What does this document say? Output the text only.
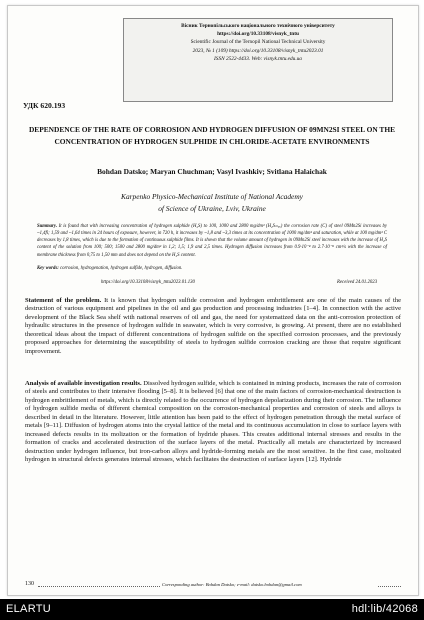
Вісник Тернопільського національного технічного університету
https://doi.org/10.33108/visnyk_tntu
Scientific Journal of the Ternopil National Technical University
2023, № 1 (109) https://doi.org/10.33108/visnyk_tntu2023.01
ISSN 2522-4433. Web: visnyk.tntu.edu.ua
УДК 620.193
DEPENDENCE OF THE RATE OF CORROSION AND HYDROGEN DIFFUSION OF 09MN2SI STEEL ON THE CONCENTRATION OF HYDROGEN SULPHIDE IN CHLORIDE-ACETATE ENVIRONMENTS
Bohdan Datsko; Maryan Chuchman; Vasyl Ivashkiv; Svitlana Halaichak
Karpenko Physico-Mechanical Institute of National Academy
of Science of Ukraine, Lviv, Ukraine
Summary. It is found that with increasing concentration of hydrogen sulphide (H₂S) to 100, 1000 and 2800 mg/dm³ (H₂Sₘₐₓ) the corrosion rate (C) of steel 09Mn2Si increases by ~1,4fi; 1,59 and ~1,64 times in 24 hours of exposure, however, in 720 h, it increases by ~1,8 and ~3,3 times at its concentration of 1000 mg/dm³ and saturation, while at 100 mg/dm³ C decreases by 1,8 times, which is due to the formation of continuous sulphide films. It is shown that the volume amount of hydrogen in 09Mn2Si steel increases with the increase of H₂S content of the solution from 100; 500; 1500 and 2800 mg/dm³ in 1,2; 1,5; 1,9 and 2,5 times. Hydrogen diffusion increases from 0.9·10⁻⁸ to 2.7·10⁻⁸ cm²/s with the increase of membrane thickness from 0,75 to 1,50 mm and does not depend on the H₂S content.
Key words: corrosion, hydrogenation, hydrogen sulfide, hydrogen, diffusion.
https://doi.org/10.33108/visnyk_tntu2023.01.130	Received 24.01.2023
Statement of the problem. It is known that hydrogen sulfide corrosion and hydrogen embrittlement are one of the main causes of the destruction of various equipment and pipelines in the oil and gas production and processing industries [1–4]. In connection with the active development of the Black Sea shelf with national reserves of oil and gas, the need for systematized data on the anti-corrosion protection of hydraulic structures in the presence of hydrogen sulfide in seawater, which is very corrosive, is growing. At present, there are no established theoretical ideas about the impact of different concentrations of hydrogen sulfide on the specified corrosion processes, and the previously proposed approaches for determining the susceptibility of steels to hydrogen sulfide corrosion cracking are those that require significant improvement.
Analysis of available investigation results. Dissolved hydrogen sulfide, which is contained in mining products, increases the rate of corrosion of steels and contributes to their intensive flooding [5–8]. It is believed [6] that one of the main factors of corrosion-mechanical destruction is hydrogen embrittlement of metals, which is directly related to the occurrence of hydrogen depolarization during their corrosion. The influence of hydrogen sulfide media of different chemical composition on the corrosion-mechanical properties and corrosion of steels and alloys is described in detail in the literature. However, little attention has been paid to the effect of hydrogen penetration through the metal surface of metals [9–11]. Diffusion of hydrogen atoms into the crystal lattice of the metal and its continuous accumulation in close to surface layers with increased defects results in its molization or the formation of hydride phases. This creates additional internal stresses and results in the formation of cracks and accelerated destruction of the surface layers of the metal. Practically all metals are characterized by increased destruction under hydrogen influence, but iron-carbon alloys and hydride-forming metals are the most sensitive. In the first case, molizated hydrogen in structural defects generates internal stresses, which facilitates the destruction of surface layers [12]. Hydride
130	Corresponding author: Bohdan Datsko; e-mail: datsko.bohdan@gmail.com
ELARTU	hdl:lib/42068
